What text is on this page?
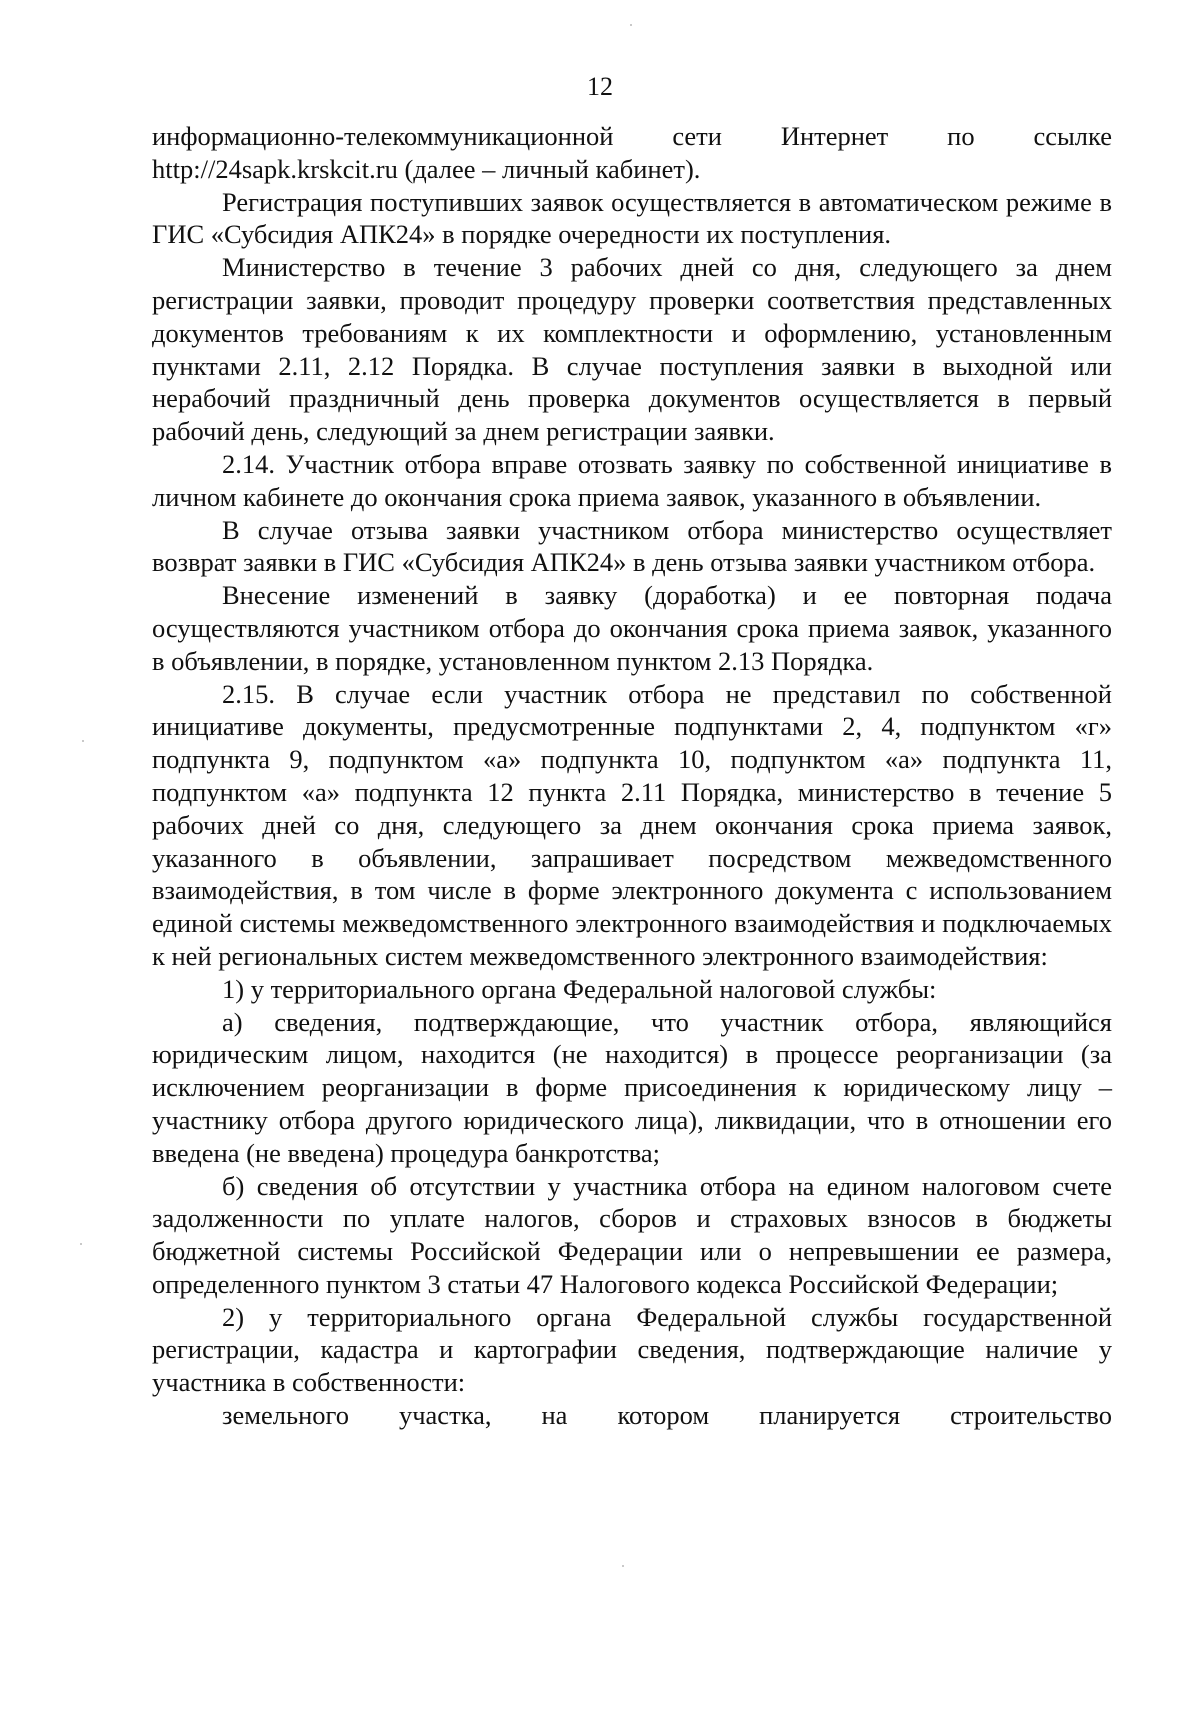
12

информационно-телекоммуникационной сети Интернет по ссылке http://24sapk.krskcit.ru (далее – личный кабинет).

Регистрация поступивших заявок осуществляется в автоматическом режиме в ГИС «Субсидия АПК24» в порядке очередности их поступления.

Министерство в течение 3 рабочих дней со дня, следующего за днем регистрации заявки, проводит процедуру проверки соответствия представленных документов требованиям к их комплектности и оформлению, установленным пунктами 2.11, 2.12 Порядка. В случае поступления заявки в выходной или нерабочий праздничный день проверка документов осуществляется в первый рабочий день, следующий за днем регистрации заявки.

2.14. Участник отбора вправе отозвать заявку по собственной инициативе в личном кабинете до окончания срока приема заявок, указанного в объявлении.

В случае отзыва заявки участником отбора министерство осуществляет возврат заявки в ГИС «Субсидия АПК24» в день отзыва заявки участником отбора.

Внесение изменений в заявку (доработка) и ее повторная подача осуществляются участником отбора до окончания срока приема заявок, указанного в объявлении, в порядке, установленном пунктом 2.13 Порядка.

2.15. В случае если участник отбора не представил по собственной инициативе документы, предусмотренные подпунктами 2, 4, подпунктом «г» подпункта 9, подпунктом «а» подпункта 10, подпунктом «а» подпункта 11, подпунктом «а» подпункта 12 пункта 2.11 Порядка, министерство в течение 5 рабочих дней со дня, следующего за днем окончания срока приема заявок, указанного в объявлении, запрашивает посредством межведомственного взаимодействия, в том числе в форме электронного документа с использованием единой системы межведомственного электронного взаимодействия и подключаемых к ней региональных систем межведомственного электронного взаимодействия:

1) у территориального органа Федеральной налоговой службы:

а) сведения, подтверждающие, что участник отбора, являющийся юридическим лицом, находится (не находится) в процессе реорганизации (за исключением реорганизации в форме присоединения к юридическому лицу – участнику отбора другого юридического лица), ликвидации, что в отношении его введена (не введена) процедура банкротства;

б) сведения об отсутствии у участника отбора на едином налоговом счете задолженности по уплате налогов, сборов и страховых взносов в бюджеты бюджетной системы Российской Федерации или о непревышении ее размера, определенного пунктом 3 статьи 47 Налогового кодекса Российской Федерации;

2) у территориального органа Федеральной службы государственной регистрации, кадастра и картографии сведения, подтверждающие наличие у участника в собственности:

земельного участка, на котором планируется строительство
